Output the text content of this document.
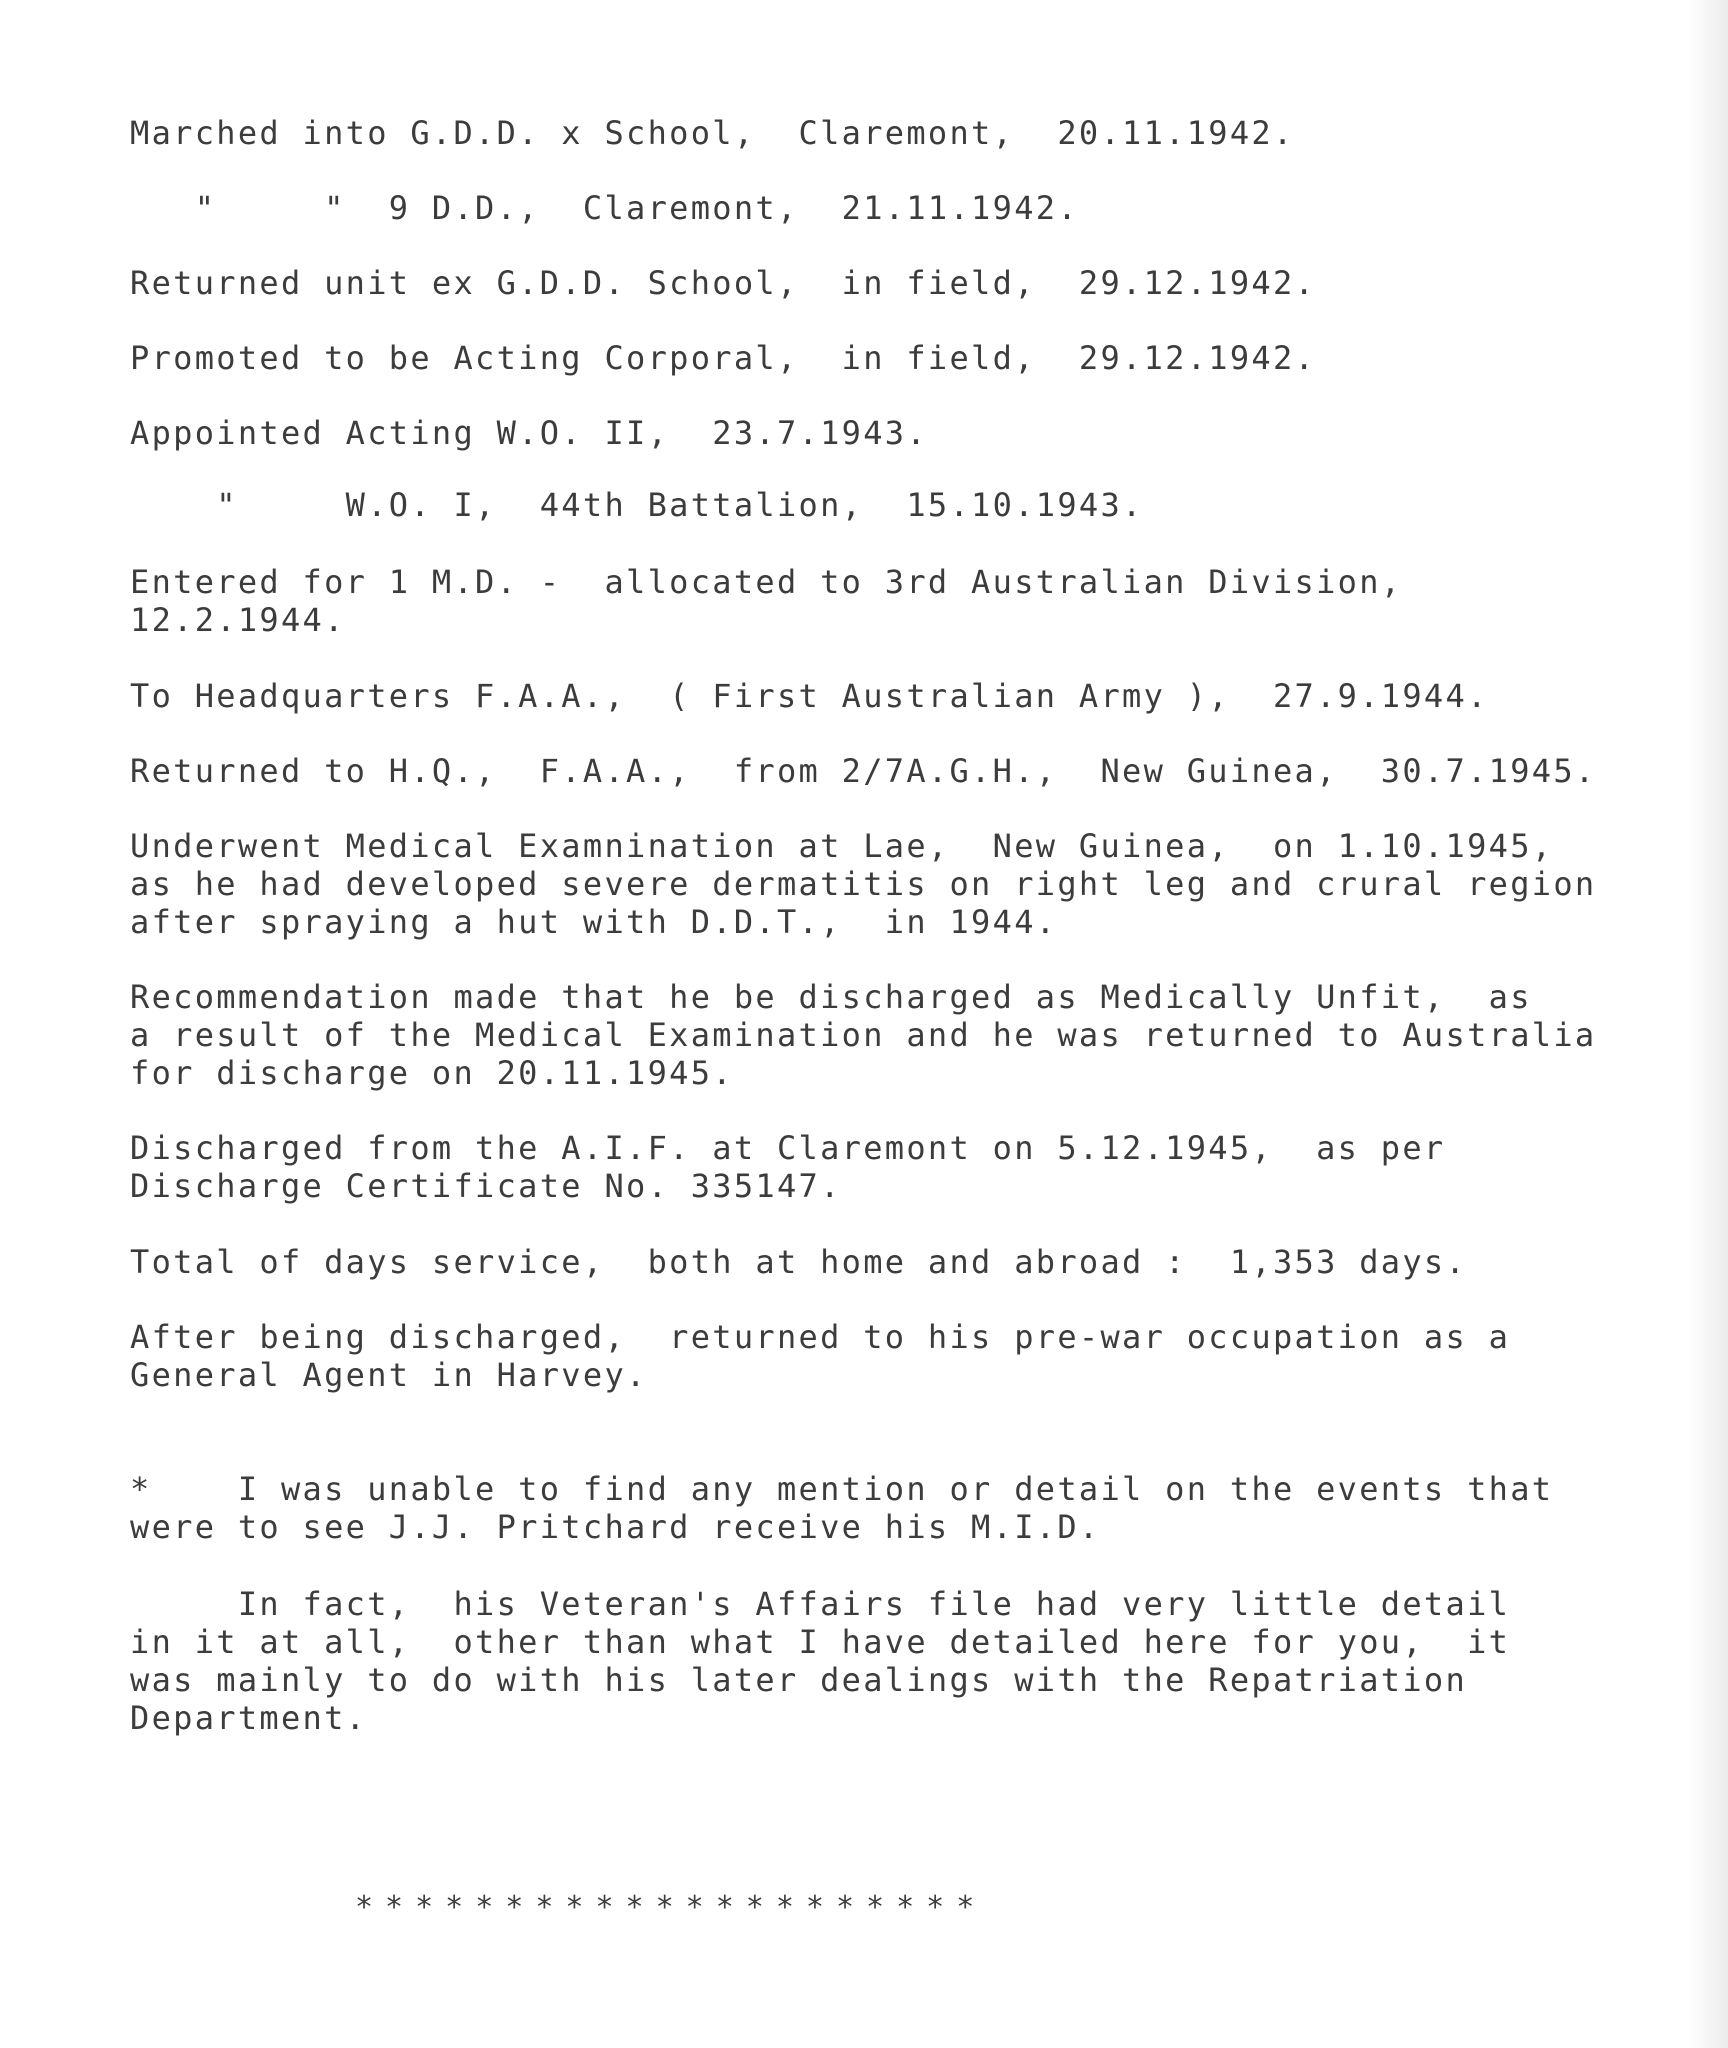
Marched into G.D.D. x School,  Claremont,  20.11.1942.
"     "  9 D.D.,  Claremont,  21.11.1942.
Returned unit ex G.D.D. School,  in field,  29.12.1942.
Promoted to be Acting Corporal,  in field,  29.12.1942.
Appointed Acting W.O. II,  23.7.1943.
"     W.O. I,  44th Battalion,  15.10.1943.
Entered for 1 M.D. -  allocated to 3rd Australian Division,
12.2.1944.
To Headquarters F.A.A.,  ( First Australian Army ),  27.9.1944.
Returned to H.Q.,  F.A.A.,  from 2/7A.G.H.,  New Guinea,  30.7.1945.
Underwent Medical Examnination at Lae,  New Guinea,  on 1.10.1945,
as he had developed severe dermatitis on right leg and crural region
after spraying a hut with D.D.T.,  in 1944.
Recommendation made that he be discharged as Medically Unfit,  as
a result of the Medical Examination and he was returned to Australia
for discharge on 20.11.1945.
Discharged from the A.I.F. at Claremont on 5.12.1945,  as per
Discharge Certificate No. 335147.
Total of days service,  both at home and abroad :  1,353 days.
After being discharged,  returned to his pre-war occupation as a
General Agent in Harvey.
*    I was unable to find any mention or detail on the events that
were to see J.J. Pritchard receive his M.I.D.
In fact,  his Veteran's Affairs file had very little detail
in it at all,  other than what I have detailed here for you,  it
was mainly to do with his later dealings with the Repatriation
Department.
*********************
